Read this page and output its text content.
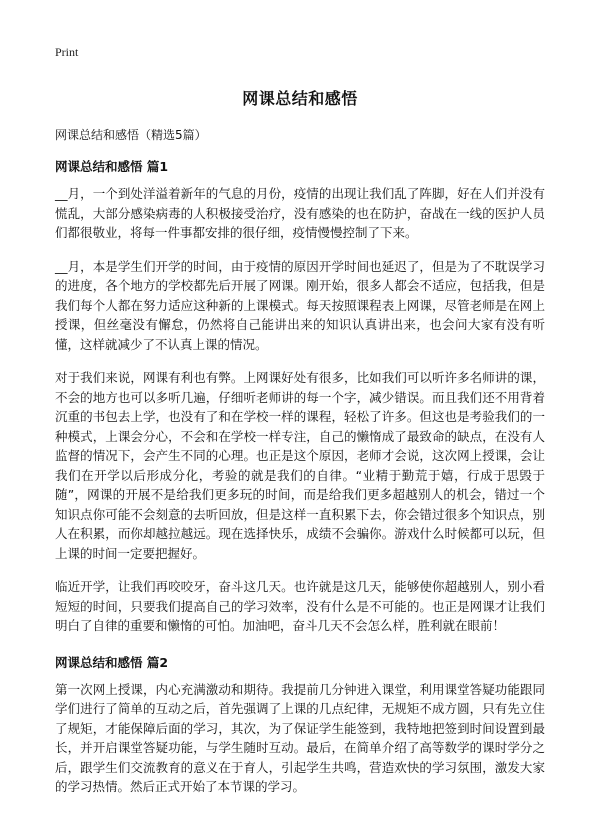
Print
网课总结和感悟
网课总结和感悟（精选5篇）
网课总结和感悟 篇1

__月，一个到处洋溢着新年的气息的月份，疫情的出现让我们乱了阵脚，好在人们并没有慌乱，大部分感染病毒的人积极接受治疗，没有感染的也在防护，奋战在一线的医护人员们都很敬业，将每一件事都安排的很仔细，疫情慢慢控制了下来。

__月，本是学生们开学的时间，由于疫情的原因开学时间也延迟了，但是为了不耽误学习的进度，各个地方的学校都先后开展了网课。刚开始，很多人都会不适应，包括我，但是我们每个人都在努力适应这种新的上课模式。每天按照课程表上网课，尽管老师是在网上授课，但丝毫没有懈怠，仍然将自己能讲出来的知识认真讲出来，也会问大家有没有听懂，这样就减少了不认真上课的情况。

对于我们来说，网课有利也有弊。上网课好处有很多，比如我们可以听许多名师讲的课，不会的地方也可以多听几遍，仔细听老师讲的每一个字，减少错误。而且我们还不用背着沉重的书包去上学，也没有了和在学校一样的课程，轻松了许多。但这也是考验我们的一种模式，上课会分心，不会和在学校一样专注，自己的懒惰成了最致命的缺点，在没有人监督的情况下，会产生不同的心理。也正是这个原因，老师才会说，这次网上授课，会让我们在开学以后形成分化，考验的就是我们的自律。“业精于勤荒于嬉，行成于思毁于随”，网课的开展不是给我们更多玩的时间，而是给我们更多超越别人的机会，错过一个知识点你可能不会刻意的去听回放，但是这样一直积累下去，你会错过很多个知识点，别人在积累，而你却越拉越远。现在选择快乐，成绩不会骗你。游戏什么时候都可以玩，但上课的时间一定要把握好。

临近开学，让我们再咬咬牙，奋斗这几天。也许就是这几天，能够使你超越别人，别小看短短的时间，只要我们提高自己的学习效率，没有什么是不可能的。也正是网课才让我们明白了自律的重要和懒惰的可怕。加油吧，奋斗几天不会怎么样，胜利就在眼前！

网课总结和感悟 篇2

第一次网上授课，内心充满激动和期待。我提前几分钟进入课堂，利用课堂答疑功能跟同学们进行了简单的互动之后，首先强调了上课的几点纪律，无规矩不成方圆，只有先立住了规矩，才能保障后面的学习，其次，为了保证学生能签到，我特地把签到时间设置到最长，并开启课堂答疑功能，与学生随时互动。最后，在简单介绍了高等数学的课时学分之后，跟学生们交流教育的意义在于育人，引起学生共鸣，营造欢快的学习氛围，激发大家的学习热情。然后正式开始了本节课的学习。
